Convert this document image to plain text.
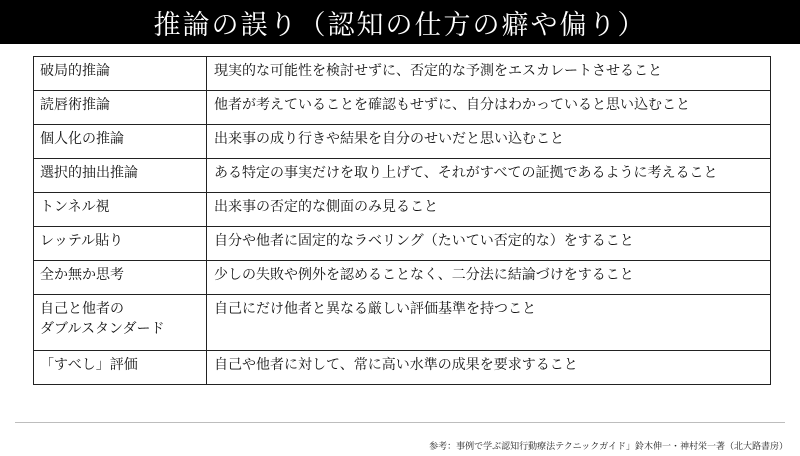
推論の誤り（認知の仕方の癖や偏り）
破局的推論	現実的な可能性を検討せずに、否定的な予測をエスカレートさせること
読唇術推論	他者が考えていることを確認もせずに、自分はわかっていると思い込むこと
個人化の推論	出来事の成り行きや結果を自分のせいだと思い込むこと
選択的抽出推論	ある特定の事実だけを取り上げて、それがすべての証拠であるように考えること
トンネル視	出来事の否定的な側面のみ見ること
レッテル貼り	自分や他者に固定的なラベリング（たいてい否定的な）をすること
全か無か思考	少しの失敗や例外を認めることなく、二分法に結論づけをすること
自己と他者の
ダブルスタンダード	自己にだけ他者と異なる厳しい評価基準を持つこと
「すべし」評価	自己や他者に対して、常に高い水準の成果を要求すること
参考：事例で学ぶ認知行動療法テクニックガイド」鈴木伸一・神村栄一著（北大路書房）
